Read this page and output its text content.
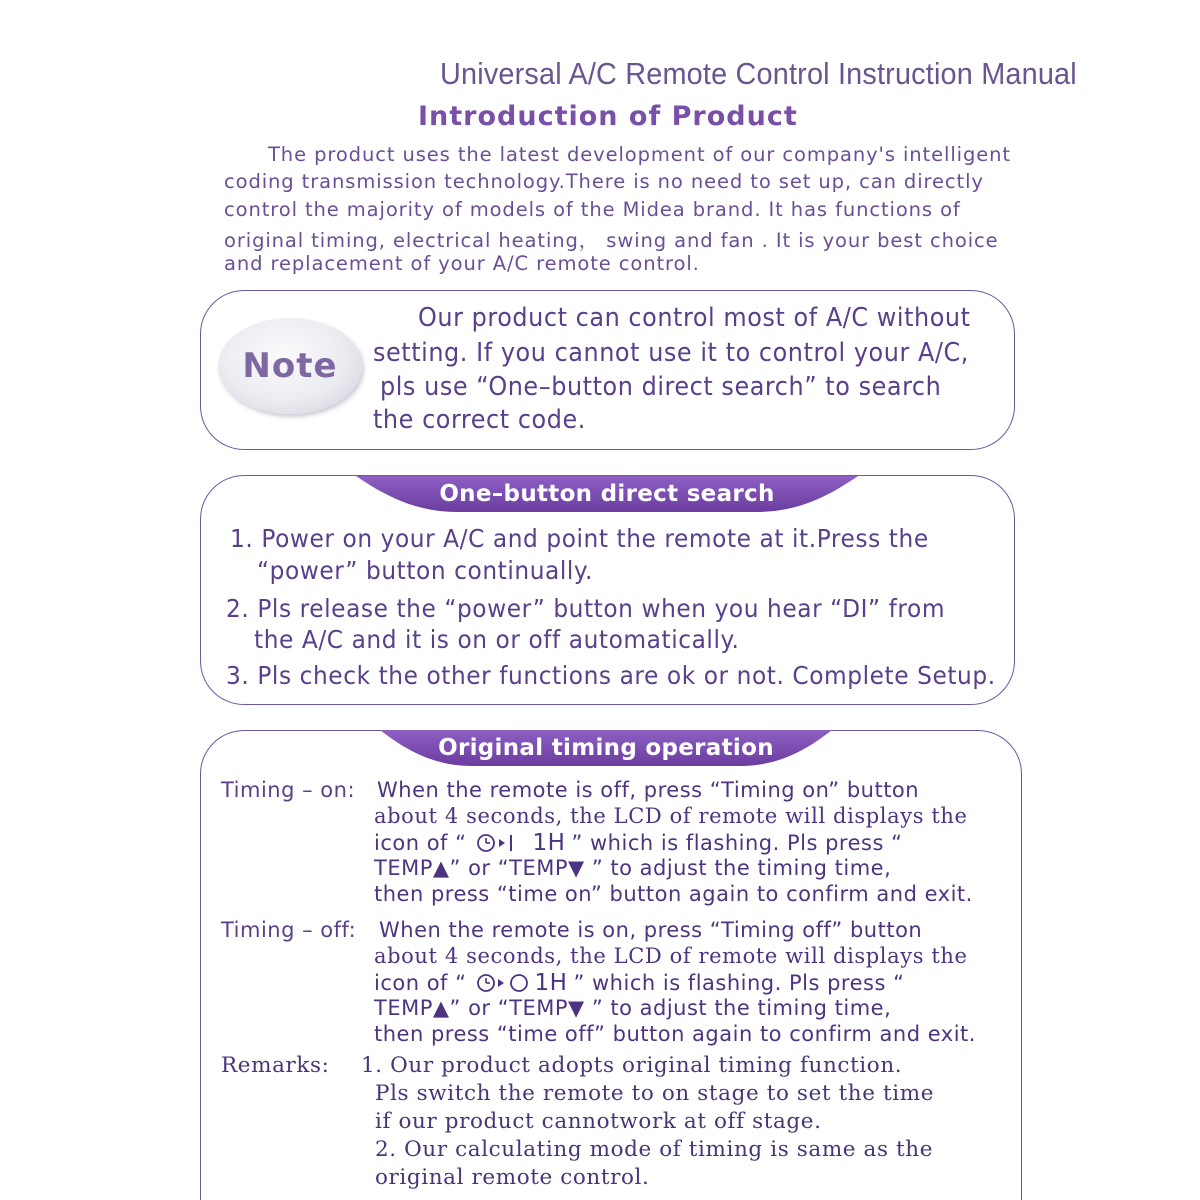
Universal A/C Remote Control Instruction Manual
Introduction of Product
The product uses the latest development of our company's intelligent
coding transmission technology.There is no need to set up, can directly
control the majority of models of the Midea brand. It has functions of
original timing, electrical heating， swing and fan . It is your best choice
and replacement of your A/C remote control.
Note
Our product can control most of A/C without
setting. If you cannot use it to control your A/C,
pls use “One–button direct search” to search
the correct code.
One–button direct search
1. Power on your A/C and point the remote at it.Press the
“power” button continually.
2. Pls release the “power” button when you hear “DI” from
the A/C and it is on or off automatically.
3. Pls check the other functions are ok or not. Complete Setup.
Original timing operation
Timing – on: When the remote is off, press “Timing on” button
about 4 seconds, the LCD of remote will displays the
icon of “	1H ” which is flashing. Pls press “
TEMP▲” or “TEMP▼ ” to adjust the timing time,
then press “time on” button again to confirm and exit.
Timing – off: When the remote is on, press “Timing off” button
about 4 seconds, the LCD of remote will displays the
icon of “	1H ” which is flashing. Pls press “
TEMP▲” or “TEMP▼ ” to adjust the timing time,
then press “time off” button again to confirm and exit.
Remarks: 1. Our product adopts original timing function.
Pls switch the remote to on stage to set the time
if our product cannotwork at off stage.
2. Our calculating mode of timing is same as the
original remote control.
